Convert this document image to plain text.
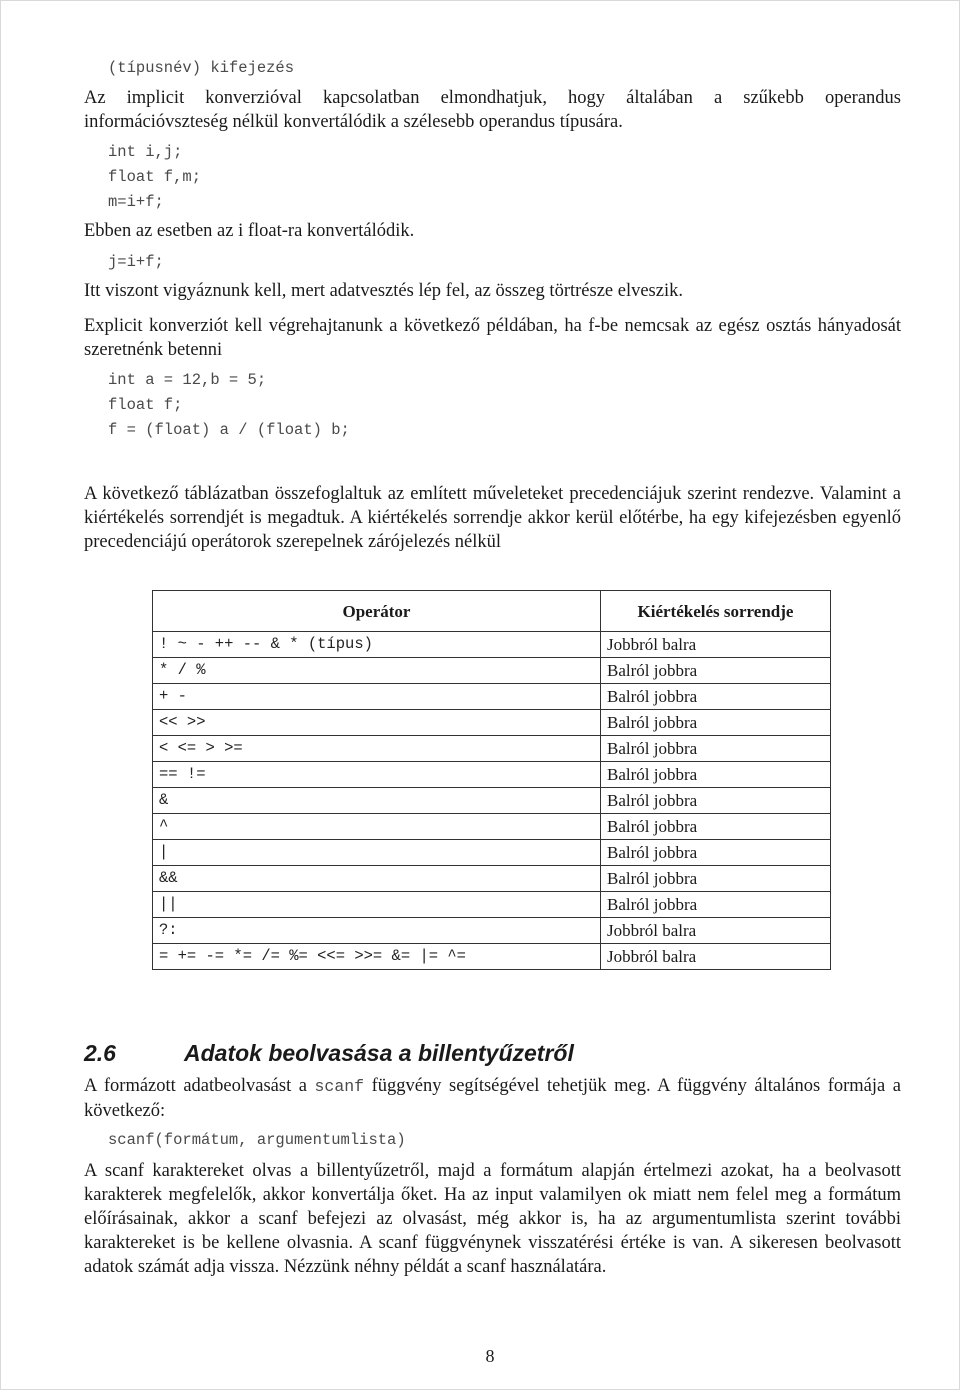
(típusnév) kifejezés

Az implicit konverzióval kapcsolatban elmondhatjuk, hogy általában a szűkebb operandus információvszteség nélkül konvertálódik a szélesebb operandus típusára.

int i,j;
float f,m;
m=i+f;

Ebben az esetben az i float-ra konvertálódik.

j=i+f;

Itt viszont vigyáznunk kell, mert adatvesztés lép fel, az összeg törtrésze elveszik.

Explicit konverziót kell végrehajtanunk a következő példában, ha f-be nemcsak az egész osztás hányadosát szeretnénk betenni

int a = 12,b = 5;
float f;
f = (float) a / (float) b;

A következő táblázatban összefoglaltuk az említett műveleteket precedenciájuk szerint rendezve. Valamint a kiértékelés sorrendjét is megadtuk. A kiértékelés sorrendje akkor kerül előtérbe, ha egy kifejezésben egyenlő precedenciájú operátorok szerepelnek zárójelezés nélkül

Operátor	Kiértékelés sorrendje
! ~ - ++ -- & * (típus)	Jobbról balra
* / %	Balról jobbra
+ -	Balról jobbra
<< >>	Balról jobbra
< <= > >=	Balról jobbra
== !=	Balról jobbra
&	Balról jobbra
^	Balról jobbra
|	Balról jobbra
&&	Balról jobbra
||	Balról jobbra
?:	Jobbról balra
= += -= *= /= %= <<= >>= &= |= ^=	Jobbról balra
2.6	Adatok beolvasása a billentyűzetről

A formázott adatbeolvasást a scanf függvény segítségével tehetjük meg. A függvény általános formája a következő:

scanf(formátum, argumentumlista)

A scanf karaktereket olvas a billentyűzetről, majd a formátum alapján értelmezi azokat, ha a beolvasott karakterek megfelelők, akkor konvertálja őket. Ha az input valamilyen ok miatt nem felel meg a formátum előírásainak, akkor a scanf befejezi az olvasást, még akkor is, ha az argumentumlista szerint további karaktereket is be kellene olvasnia. A scanf függvénynek visszatérési értéke is van. A sikeresen beolvasott adatok számát adja vissza. Nézzünk néhny példát a scanf használatára.

8
